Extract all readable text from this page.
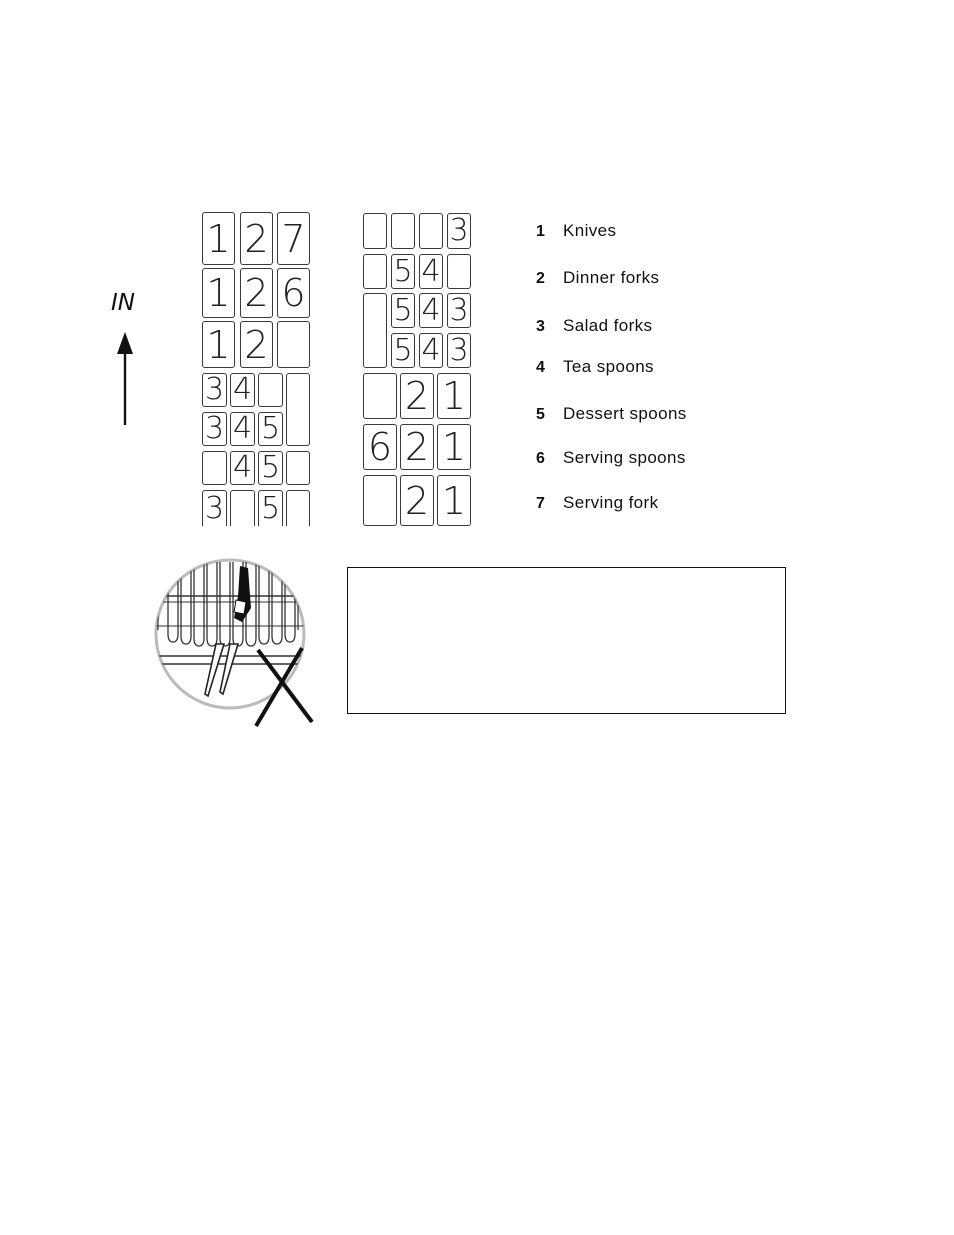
IN
1 2 7
1 2 6
1 2
3 4
3 4 5
4 5
3 5
3
5 4
5 4 3
5 4 3
2 1
6 2 1
2 1
1 Knives
2 Dinner forks
3 Salad forks
4 Tea spoons
5 Dessert spoons
6 Serving spoons
7 Serving fork
